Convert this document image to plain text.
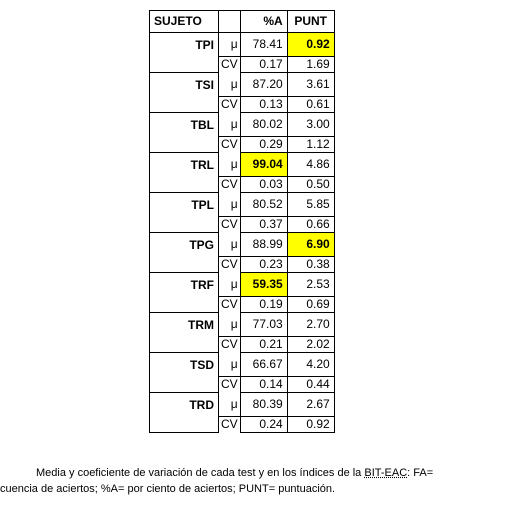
SUJETO		%A	PUNT
TPI	μ	78.41	0.92
	CV	0.17	1.69
TSI	μ	87.20	3.61
	CV	0.13	0.61
TBL	μ	80.02	3.00
	CV	0.29	1.12
TRL	μ	99.04	4.86
	CV	0.03	0.50
TPL	μ	80.52	5.85
	CV	0.37	0.66
TPG	μ	88.99	6.90
	CV	0.23	0.38
TRF	μ	59.35	2.53
	CV	0.19	0.69
TRM	μ	77.03	2.70
	CV	0.21	2.02
TSD	μ	66.67	4.20
	CV	0.14	0.44
TRD	μ	80.39	2.67
	CV	0.24	0.92
Media y coeficiente de variación de cada test y en los índices de la BIT-EAC: FA=
cuencia de aciertos; %A= por ciento de aciertos; PUNT= puntuación.
